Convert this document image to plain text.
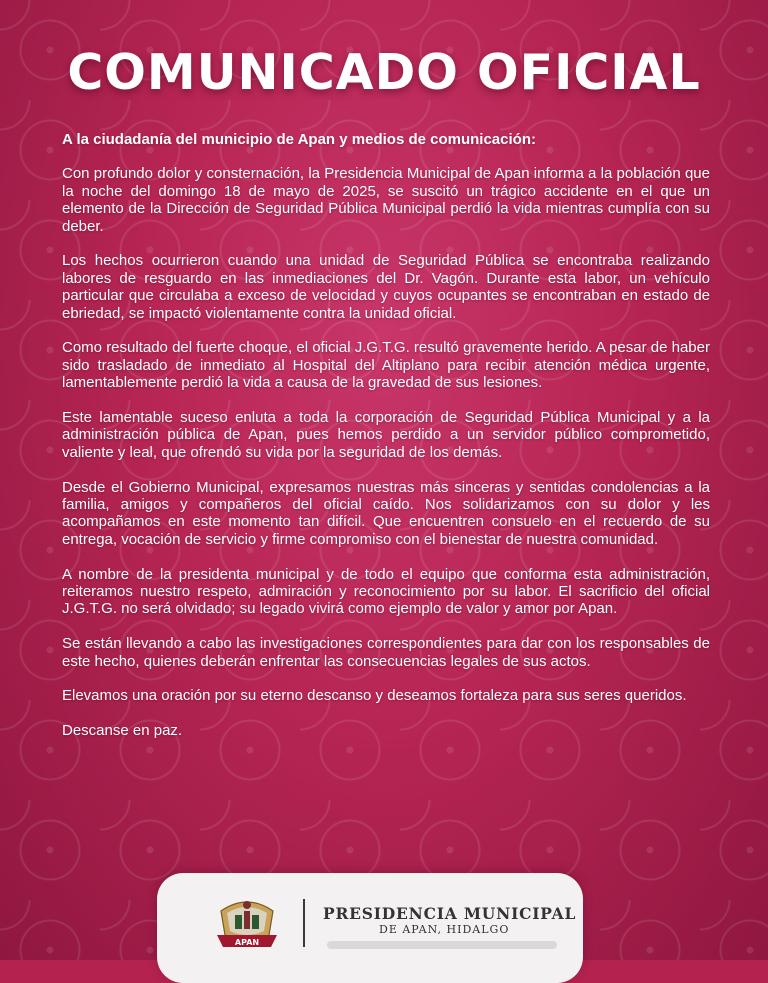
COMUNICADO OFICIAL
A la ciudadanía del municipio de Apan y medios de comunicación:

Con profundo dolor y consternación, la Presidencia Municipal de Apan informa a la población que la noche del domingo 18 de mayo de 2025, se suscitó un trágico accidente en el que un elemento de la Dirección de Seguridad Pública Municipal perdió la vida mientras cumplía con su deber.

Los hechos ocurrieron cuando una unidad de Seguridad Pública se encontraba realizando labores de resguardo en las inmediaciones del Dr. Vagón. Durante esta labor, un vehículo particular que circulaba a exceso de velocidad y cuyos ocupantes se encontraban en estado de ebriedad, se impactó violentamente contra la unidad oficial.

Como resultado del fuerte choque, el oficial J.G.T.G. resultó gravemente herido. A pesar de haber sido trasladado de inmediato al Hospital del Altiplano para recibir atención médica urgente, lamentablemente perdió la vida a causa de la gravedad de sus lesiones.

Este lamentable suceso enluta a toda la corporación de Seguridad Pública Municipal y a la administración pública de Apan, pues hemos perdido a un servidor público comprometido, valiente y leal, que ofrendó su vida por la seguridad de los demás.

Desde el Gobierno Municipal, expresamos nuestras más sinceras y sentidas condolencias a la familia, amigos y compañeros del oficial caído. Nos solidarizamos con su dolor y les acompañamos en este momento tan difícil. Que encuentren consuelo en el recuerdo de su entrega, vocación de servicio y firme compromiso con el bienestar de nuestra comunidad.

A nombre de la presidenta municipal y de todo el equipo que conforma esta administración, reiteramos nuestro respeto, admiración y reconocimiento por su labor. El sacrificio del oficial J.G.T.G. no será olvidado; su legado vivirá como ejemplo de valor y amor por Apan.

Se están llevando a cabo las investigaciones correspondientes para dar con los responsables de este hecho, quienes deberán enfrentar las consecuencias legales de sus actos.

Elevamos una oración por su eterno descanso y deseamos fortaleza para sus seres queridos.

Descanse en paz.

APAN
PRESIDENCIA MUNICIPAL
DE APAN, HIDALGO
